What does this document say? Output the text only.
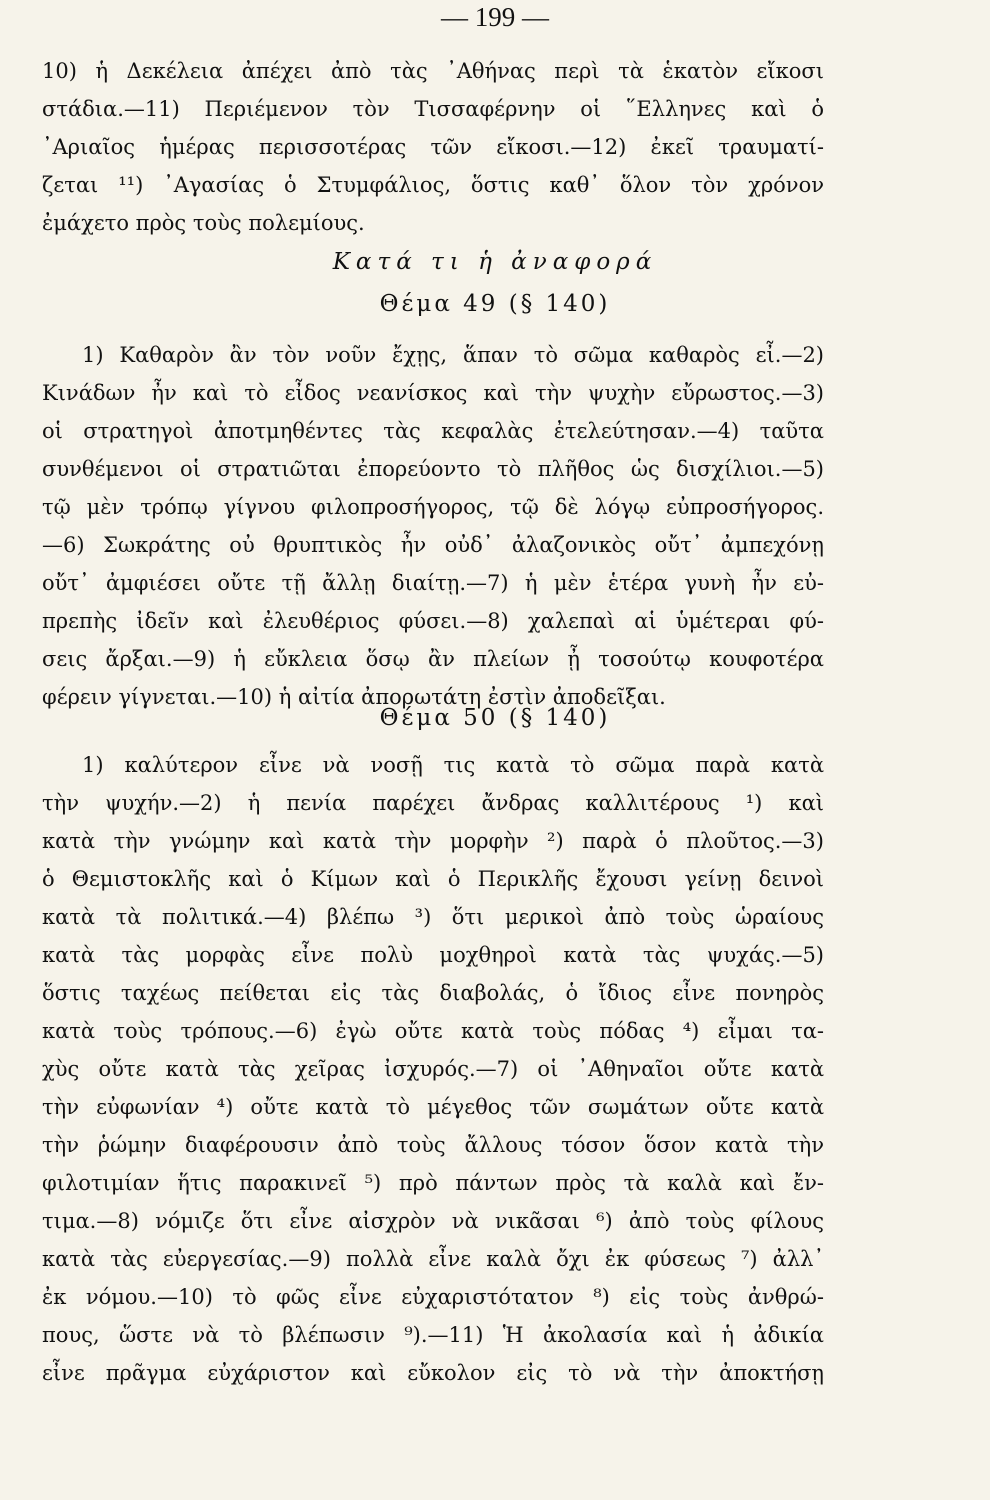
— 199 —
10) ἡ Δεκέλεια ἀπέχει ἀπὸ τὰς ᾿Αθήνας περὶ τὰ ἑκατὸν εἴκοσι
στάδια.—11) Περιέμενον τὸν Τισσαφέρνην οἱ ῞Ελληνες καὶ ὁ
᾿Αριαῖος ἡμέρας περισσοτέρας τῶν εἴκοσι.—12) ἐκεῖ τραυματί-
ζεται ¹¹) ᾿Αγασίας ὁ Στυμφάλιος, ὅστις καθ᾿ ὅλον τὸν χρόνον
ἐμάχετο πρὸς τοὺς πολεμίους.
Κατά τι ἡ ἀναφορά
Θέμα 49 (§ 140)
1) Καθαρὸν ἂν τὸν νοῦν ἔχῃς, ἅπαν τὸ σῶμα καθαρὸς εἶ.—2)
Κινάδων ἦν καὶ τὸ εἶδος νεανίσκος καὶ τὴν ψυχὴν εὔρωστος.—3)
οἱ στρατηγοὶ ἀποτμηθέντες τὰς κεφαλὰς ἐτελεύτησαν.—4) ταῦτα
συνθέμενοι οἱ στρατιῶται ἐπορεύοντο τὸ πλῆθος ὡς δισχίλιοι.—5)
τῷ μὲν τρόπῳ γίγνου φιλοπροσήγορος, τῷ δὲ λόγῳ εὐπροσήγορος.
—6) Σωκράτης οὐ θρυπτικὸς ἦν οὐδ᾿ ἀλαζονικὸς οὔτ᾿ ἀμπεχόνῃ
οὔτ᾿ ἀμφιέσει οὔτε τῇ ἄλλῃ διαίτῃ.—7) ἡ μὲν ἑτέρα γυνὴ ἦν εὐ-
πρεπὴς ἰδεῖν καὶ ἐλευθέριος φύσει.—8) χαλεπαὶ αἱ ὑμέτεραι φύ-
σεις ἄρξαι.—9) ἡ εὔκλεια ὅσῳ ἂν πλείων ᾖ τοσούτῳ κουφοτέρα
φέρειν γίγνεται.—10) ἡ αἰτία ἀπορωτάτη ἐστὶν ἀποδεῖξαι.
Θέμα 50 (§ 140)
1) καλύτερον εἶνε νὰ νοσῇ τις κατὰ τὸ σῶμα παρὰ κατὰ
τὴν ψυχήν.—2) ἡ πενία παρέχει ἄνδρας καλλιτέρους ¹) καὶ
κατὰ τὴν γνώμην καὶ κατὰ τὴν μορφὴν ²) παρὰ ὁ πλοῦτος.—3)
ὁ Θεμιστοκλῆς καὶ ὁ Κίμων καὶ ὁ Περικλῆς ἔχουσι γείνῃ δεινοὶ
κατὰ τὰ πολιτικά.—4) βλέπω ³) ὅτι μερικοὶ ἀπὸ τοὺς ὡραίους
κατὰ τὰς μορφὰς εἶνε πολὺ μοχθηροὶ κατὰ τὰς ψυχάς.—5)
ὅστις ταχέως πείθεται εἰς τὰς διαβολάς, ὁ ἴδιος εἶνε πονηρὸς
κατὰ τοὺς τρόπους.—6) ἐγὼ οὔτε κατὰ τοὺς πόδας ⁴) εἶμαι τα-
χὺς οὔτε κατὰ τὰς χεῖρας ἰσχυρός.—7) οἱ ᾿Αθηναῖοι οὔτε κατὰ
τὴν εὐφωνίαν ⁴) οὔτε κατὰ τὸ μέγεθος τῶν σωμάτων οὔτε κατὰ
τὴν ῥώμην διαφέρουσιν ἀπὸ τοὺς ἄλλους τόσον ὅσον κατὰ τὴν
φιλοτιμίαν ἥτις παρακινεῖ ⁵) πρὸ πάντων πρὸς τὰ καλὰ καὶ ἔν-
τιμα.—8) νόμιζε ὅτι εἶνε αἰσχρὸν νὰ νικᾶσαι ⁶) ἀπὸ τοὺς φίλους
κατὰ τὰς εὐεργεσίας.—9) πολλὰ εἶνε καλὰ ὄχι ἐκ φύσεως ⁷) ἀλλ᾿
ἐκ νόμου.—10) τὸ φῶς εἶνε εὐχαριστότατον ⁸) εἰς τοὺς ἀνθρώ-
πους, ὥστε νὰ τὸ βλέπωσιν ⁹).—11) Ἡ ἀκολασία καὶ ἡ ἀδικία
εἶνε πρᾶγμα εὐχάριστον καὶ εὔκολον εἰς τὸ νὰ τὴν ἀποκτήσῃ
